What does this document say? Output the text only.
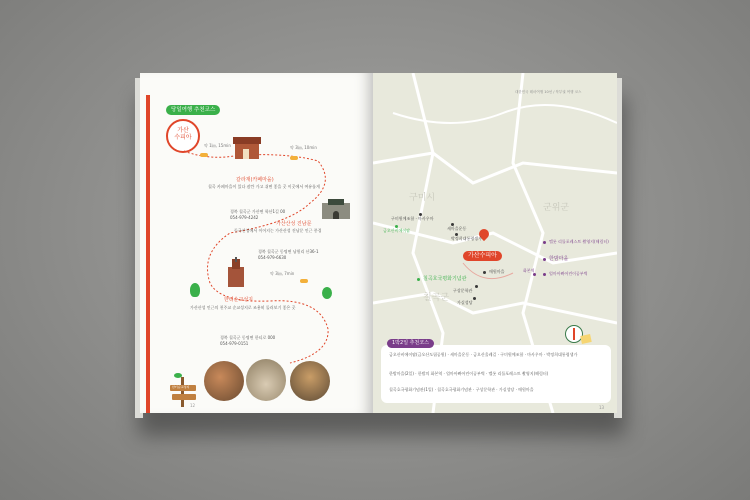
당일여행 추천코스
가산
수피아
약 1㎞, 15min	약 3㎞, 10min
약 3㎞, 7min
갈라재(카페마을)
칠곡 카페마을이 있다 잠깐 가고 쉬면 좋을 곳 이곳에서 여유롭게
경북 칠곡군 가산면 학산1길 00
054-979-4242
가산산성 진남문
동국산성에서 이어지는 가산산성 진남문 인근 풍경
경북 칠곡군 동명면 남원리 산36-1
054-979-6630
한티순교성지
가산산성 인근의 천주교 순교성지로 조용히 둘러보기 좋은 곳
경북 칠곡군 동명면 한티로 000
054-979-0151
한티순교성지
12
대한민국 테마여행 10선 / 북부권 여행 코스
구미시
군위군
칠곡군
가산수피아
구미원예조합 · 마사우마
금오산비에이팝	새마을운동
박정희대통령생가
엘롯 리틀포레스트 촬영지(해림터)
한밤마을
화본역
엄마아빠어린이공부벽
매원마을
칠곡호국평화기념관
구상문학관
가실성당
1박2일 추천코스
금오산비에이팝(금오산도립공원) · 새마을운동 · 금오산올레길 · 구미원예조합 · 마사우마 · 박정희대통령생가
한밤마을(2일) · 한밤의 화본역 · 엄마아빠어린이공부벽 · 엘롯 리틀포레스트 촬영지(해림터)
칠곡호국평화기념관(1일) · 칠곡호국평화기념관 · 구상문학관 · 가실성당 · 매원마을
13
